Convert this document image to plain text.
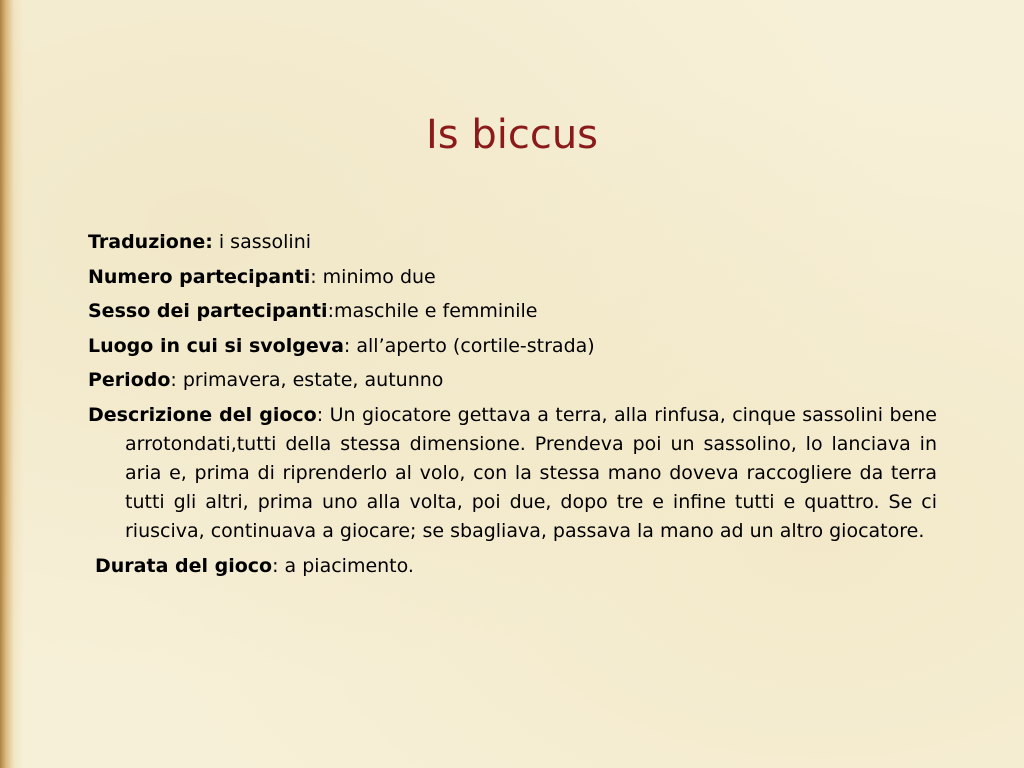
Is biccus
Traduzione: i sassolini
Numero partecipanti: minimo due
Sesso dei partecipanti:maschile e femminile
Luogo in cui si svolgeva: all’aperto (cortile-strada)
Periodo: primavera, estate, autunno
Descrizione del gioco: Un giocatore gettava a terra, alla rinfusa, cinque sassolini bene arrotondati,tutti della stessa dimensione. Prendeva poi un sassolino, lo lanciava in aria e, prima di riprenderlo al volo, con la stessa mano doveva raccogliere da terra tutti gli altri, prima uno alla volta, poi due, dopo tre e infine tutti e quattro. Se ci riusciva, continuava a giocare; se sbagliava, passava la mano ad un altro giocatore.
Durata del gioco: a piacimento.
